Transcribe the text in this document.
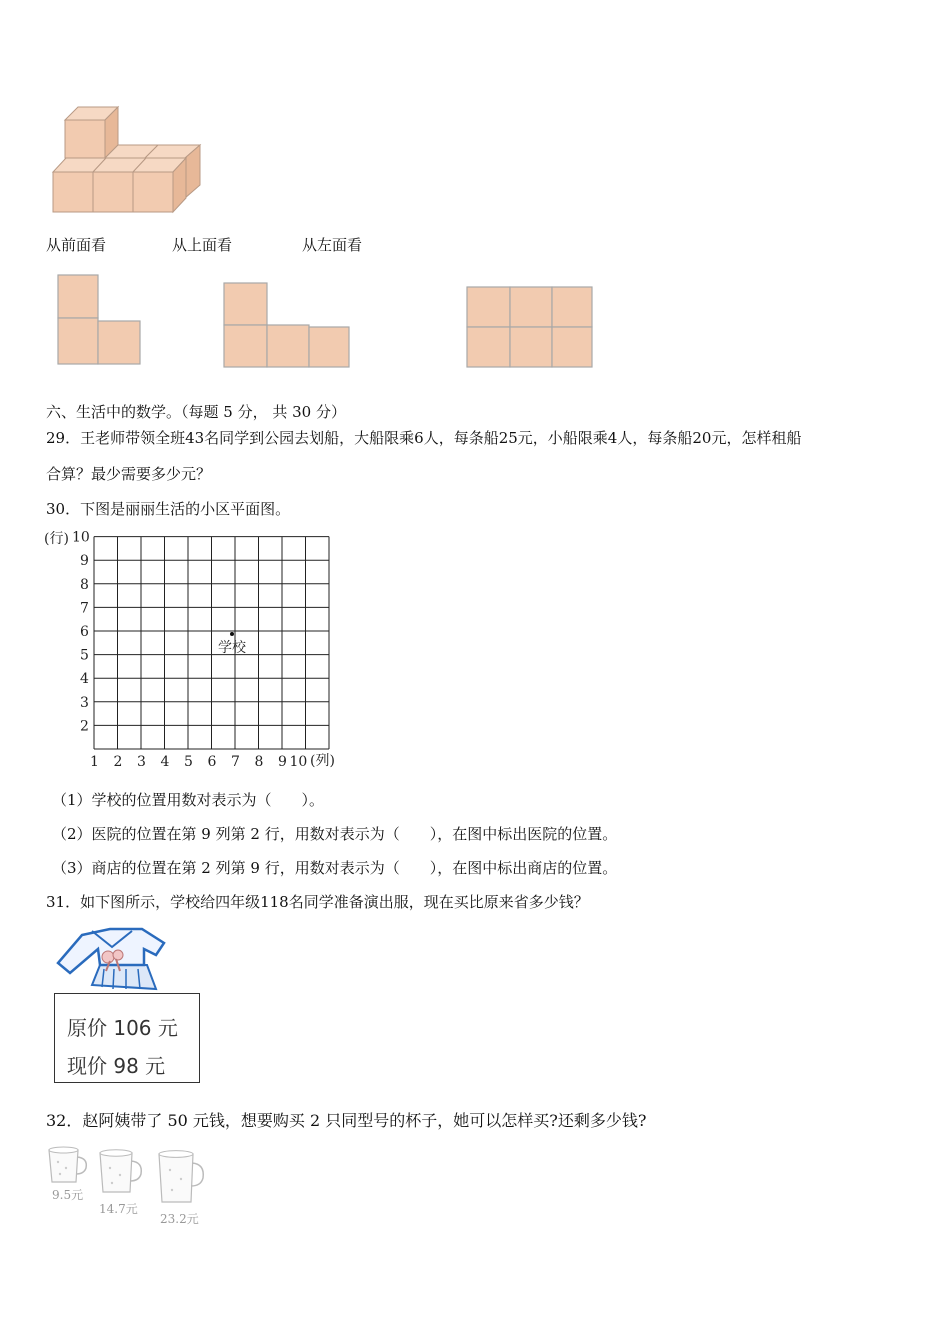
从前面看	从上面看	从左面看
六、生活中的数学。（每题 5 分， 共 30 分）
29．王老师带领全班43名同学到公园去划船，大船限乘6人，每条船25元，小船限乘4人，每条船20元，怎样租船
合算？最少需要多少元？
30．下图是丽丽生活的小区平面图。
(行)
(列)
2
3
4
5
6
7
8
9
10
1 2 3 4 5 6 7 8 9 10
学校
（1）学校的位置用数对表示为（　　）。
（2）医院的位置在第 9 列第 2 行，用数对表示为（　　），在图中标出医院的位置。
（3）商店的位置在第 2 列第 9 行，用数对表示为（　　），在图中标出商店的位置。
31．如下图所示，学校给四年级118名同学准备演出服，现在买比原来省多少钱？
原价 106 元
现价 98 元
32．赵阿姨带了 50 元钱，想要购买 2 只同型号的杯子，她可以怎样买?还剩多少钱?
9.5元
14.7元
23.2元
